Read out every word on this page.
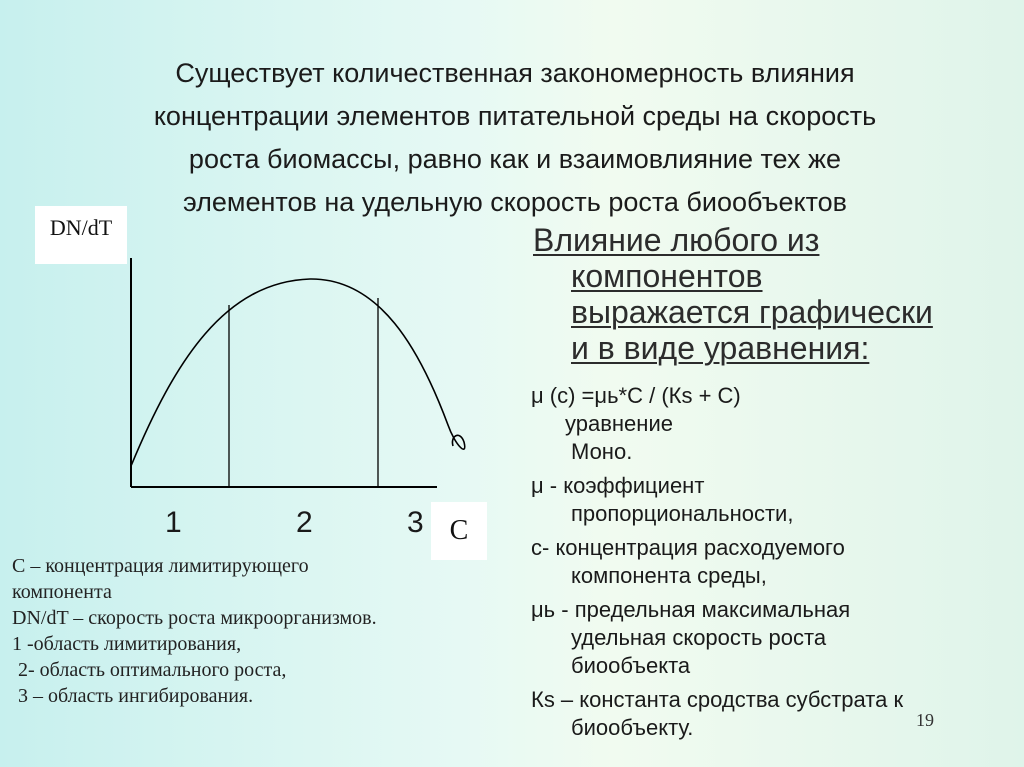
Существует количественная закономерность влияния
концентрации элементов питательной среды на скорость
роста биомассы, равно как и взаимовлияние тех же
элементов на удельную скорость роста биообъектов
DN/dT
C
1	2	3
С – концентрация лимитирующего
компонента
DN/dT – скорость роста микроорганизмов.
1 -область лимитирования,
2- область оптимального роста,
3 – область ингибирования.
Влияние любого из
компонентов
выражается графически
и в виде уравнения:
μ (с) =μь*С / (Кs + С)
уравнение
Моно.
μ - коэффициент
пропорциональности,
с- концентрация расходуемого
компонента среды,
μь - предельная максимальная
удельная скорость роста
биообъекта
Кs – константа сродства субстрата к
биообъекту.	19
